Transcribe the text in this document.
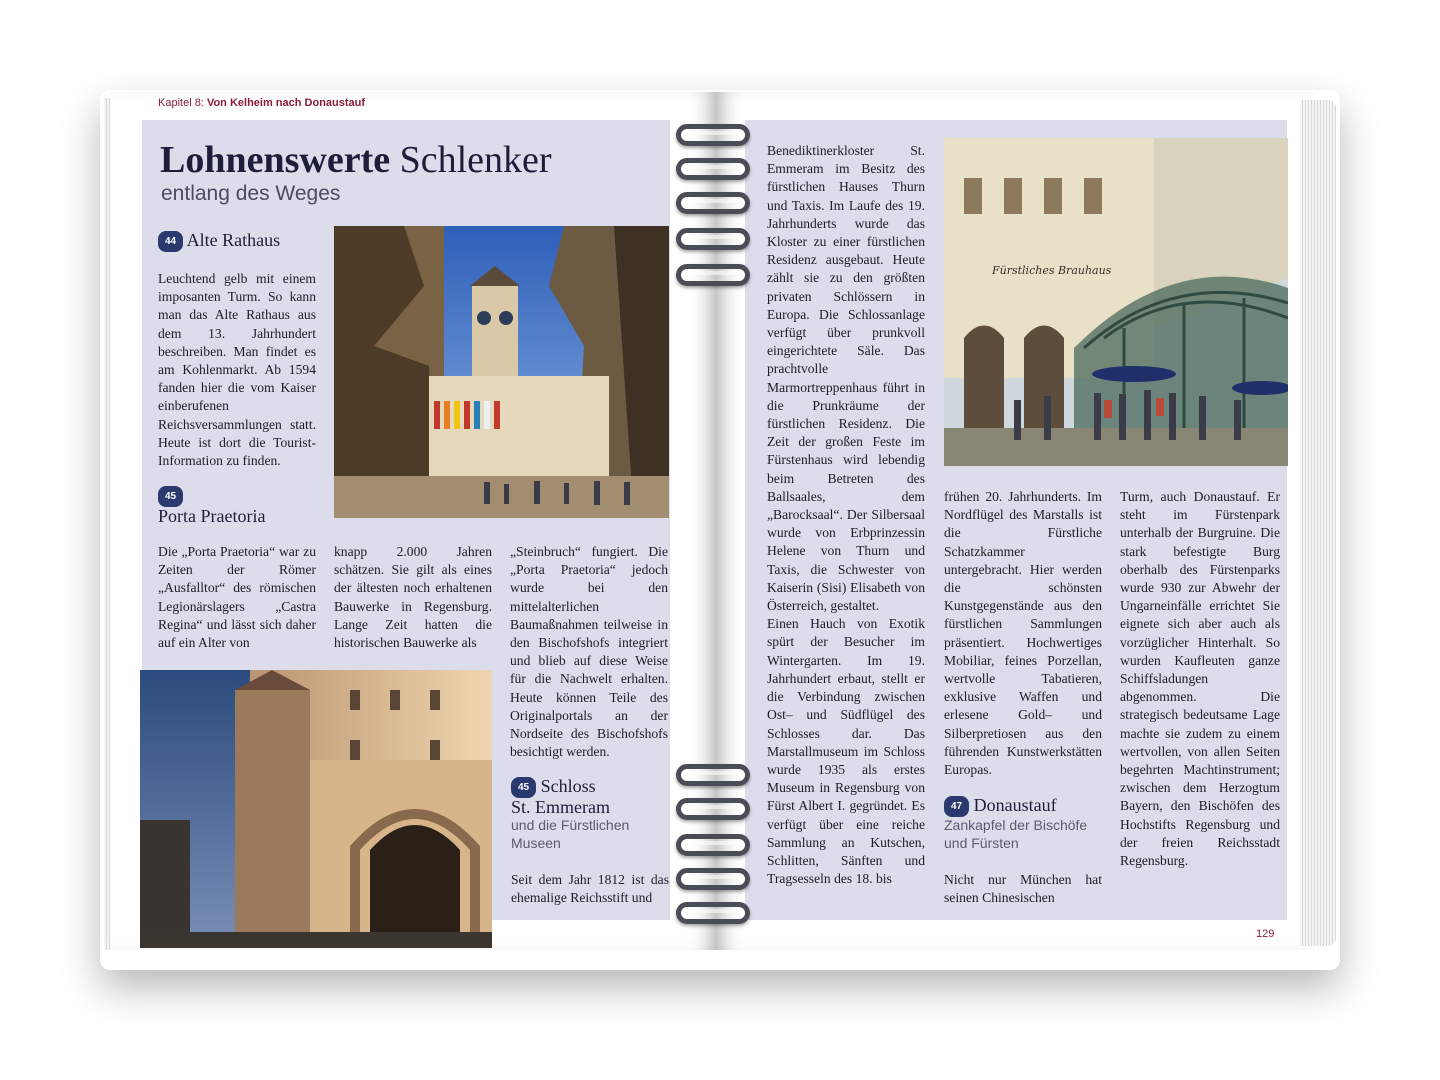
Kapitel 8: Von Kelheim nach Donaustauf
Lohnenswerte Schlenker
entlang des Weges
44 Alte Rathaus
Leuchtend gelb mit einem imposanten Turm. So kann man das Alte Rathaus aus dem 13. Jahrhundert beschreiben. Man findet es am Kohlenmarkt. Ab 1594 fanden hier die vom Kaiser einberufenen Reichsversammlungen statt. Heute ist dort die Tourist-Information zu finden.
45
Porta Praetoria
Die „Porta Praetoria“ war zu Zeiten der Römer „Ausfalltor“ des römischen Legionärslagers „Castra Regina“ und lässt sich daher auf ein Alter von
knapp 2.000 Jahren schätzen. Sie gilt als eines der ältesten noch erhaltenen Bauwerke in Regensburg. Lange Zeit hatten die historischen Bauwerke als
„Steinbruch“ fungiert. Die „Porta Praetoria“ jedoch wurde bei den mittelalterlichen Baumaßnahmen teilweise in den Bischofshofs integriert und blieb auf diese Weise für die Nachwelt erhalten. Heute können Teile des Originalportals an der Nordseite des Bischofshofs besichtigt werden.
45 Schloss
St. Emmeram
und die Fürstlichen Museen
Seit dem Jahr 1812 ist das ehemalige Reichsstift und
Benediktinerkloster St. Emmeram im Besitz des fürstlichen Hauses Thurn und Taxis. Im Laufe des 19. Jahrhunderts wurde das Kloster zu einer fürstlichen Residenz ausgebaut. Heute zählt sie zu den größten privaten Schlössern in Europa. Die Schlossanlage verfügt über prunkvoll eingerichtete Säle. Das prachtvolle Marmortreppenhaus führt in die Prunkräume der fürstlichen Residenz. Die Zeit der großen Feste im Fürstenhaus wird lebendig beim Betreten des Ballsaales, dem „Barocksaal“. Der Silbersaal wurde von Erbprinzessin Helene von Thurn und Taxis, die Schwester von Kaiserin (Sisi) Elisabeth von Österreich, gestaltet.
Einen Hauch von Exotik spürt der Besucher im Wintergarten. Im 19. Jahrhundert erbaut, stellt er die Verbindung zwischen Ost– und Südflügel des Schlosses dar. Das Marstallmuseum im Schloss wurde 1935 als erstes Museum in Regensburg von Fürst Albert I. gegründet. Es verfügt über eine reiche Sammlung an Kutschen, Schlitten, Sänften und Tragsesseln des 18. bis
frühen 20. Jahrhunderts. Im Nordflügel des Marstalls ist die Fürstliche Schatzkammer untergebracht. Hier werden die schönsten Kunstgegenstände aus den fürstlichen Sammlungen präsentiert. Hochwertiges Mobiliar, feines Porzellan, wertvolle Tabatieren, exklusive Waffen und erlesene Gold– und Silberpretiosen aus den führenden Kunstwerkstätten Europas.
47 Donaustauf
Zankapfel der Bischöfe und Fürsten
Nicht nur München hat seinen Chinesischen
Turm, auch Donaustauf. Er steht im Fürstenpark unterhalb der Burgruine. Die stark befestigte Burg oberhalb des Fürstenparks wurde 930 zur Abwehr der Ungarneinfälle errichtet Sie eignete sich aber auch als vorzüglicher Hinterhalt. So wurden Kaufleuten ganze Schiffsladungen abgenommen. Die strategisch bedeutsame Lage machte sie zudem zu einem wertvollen, von allen Seiten begehrten Machtinstrument; zwischen dem Herzogtum Bayern, den Bischöfen des Hochstifts Regensburg und der freien Reichsstadt Regensburg.
Fürstliches Brauhaus
129
